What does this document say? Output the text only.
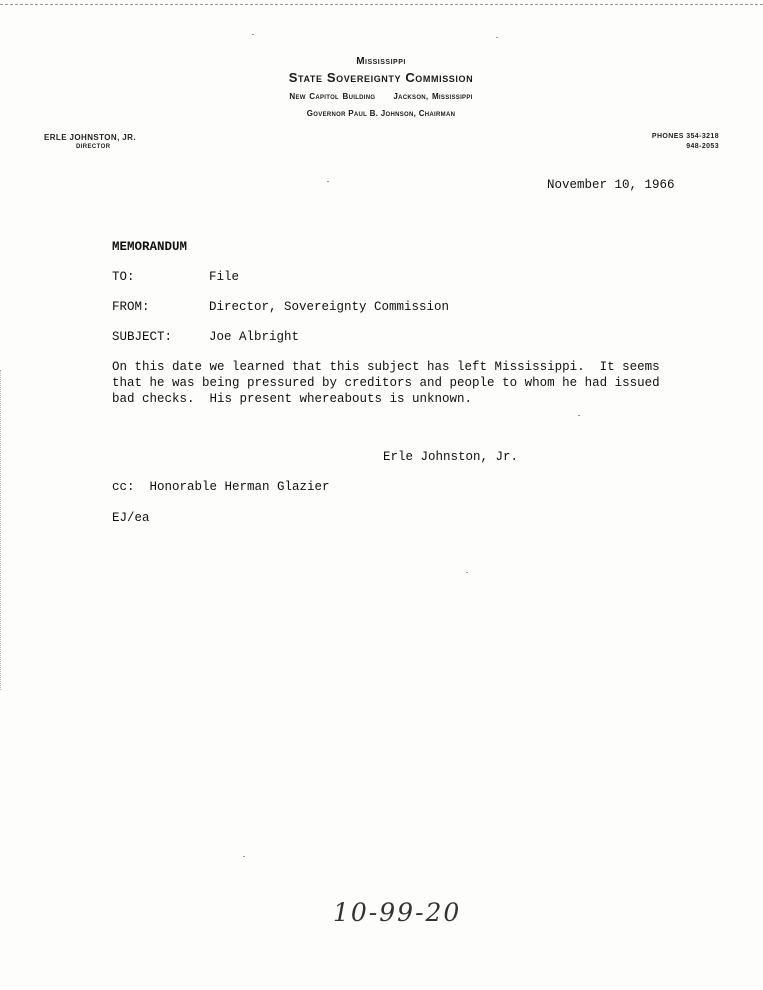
Mississippi
State Sovereignty Commission
New Capitol Building Jackson, Mississippi
Governor Paul B. Johnson, Chairman
ERLE JOHNSTON, JR.
DIRECTOR
PHONES 354-3218
948-2053
November 10, 1966
MEMORANDUM
TO:	File
FROM:	Director, Sovereignty Commission
SUBJECT:	Joe Albright
On this date we learned that this subject has left Mississippi.  It seems
that he was being pressured by creditors and people to whom he had issued
bad checks.  His present whereabouts is unknown.
Erle Johnston, Jr.
cc:  Honorable Herman Glazier
EJ/ea
10-99-20
